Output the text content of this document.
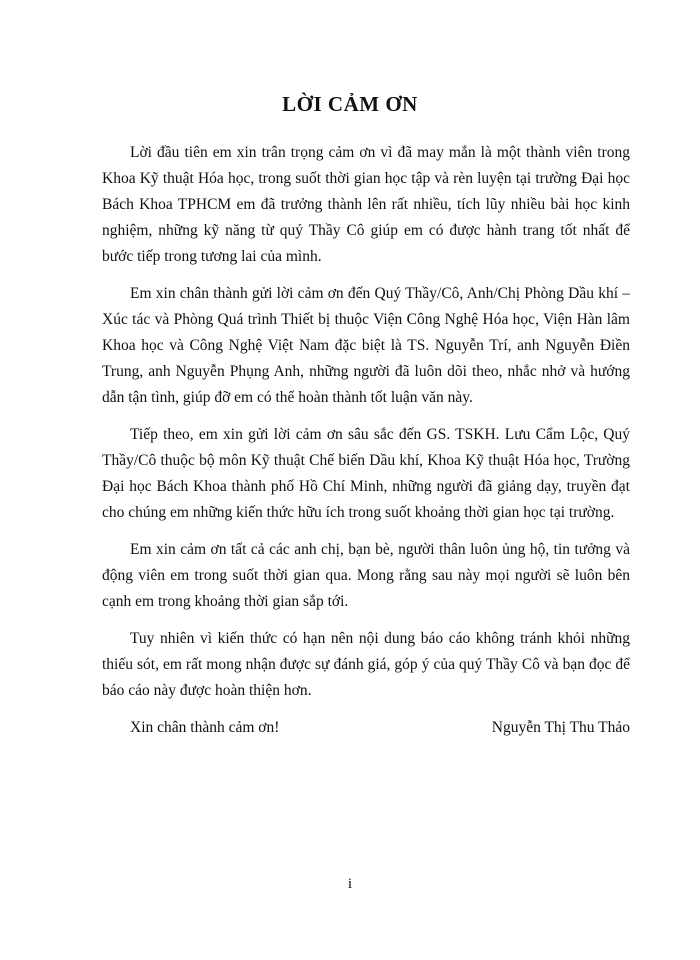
LỜI CẢM ƠN

Lời đầu tiên em xin trân trọng cảm ơn vì đã may mắn là một thành viên trong Khoa Kỹ thuật Hóa học, trong suốt thời gian học tập và rèn luyện tại trường Đại học Bách Khoa TPHCM em đã trưởng thành lên rất nhiều, tích lũy nhiều bài học kinh nghiệm, những kỹ năng từ quý Thầy Cô giúp em có được hành trang tốt nhất để bước tiếp trong tương lai của mình.

Em xin chân thành gửi lời cảm ơn đến Quý Thầy/Cô, Anh/Chị Phòng Dầu khí – Xúc tác và Phòng Quá trình Thiết bị thuộc Viện Công Nghệ Hóa học, Viện Hàn lâm Khoa học và Công Nghệ Việt Nam đặc biệt là TS. Nguyễn Trí, anh Nguyễn Điền Trung, anh Nguyễn Phụng Anh, những người đã luôn dõi theo, nhắc nhở và hướng dẫn tận tình, giúp đỡ em có thể hoàn thành tốt luận văn này.

Tiếp theo, em xin gửi lời cảm ơn sâu sắc đến GS. TSKH. Lưu Cẩm Lộc, Quý Thầy/Cô thuộc bộ môn Kỹ thuật Chế biến Dầu khí, Khoa Kỹ thuật Hóa học, Trường Đại học Bách Khoa thành phố Hồ Chí Minh, những người đã giảng dạy, truyền đạt cho chúng em những kiến thức hữu ích trong suốt khoảng thời gian học tại trường.

Em xin cảm ơn tất cả các anh chị, bạn bè, người thân luôn ủng hộ, tin tưởng và động viên em trong suốt thời gian qua. Mong rằng sau này mọi người sẽ luôn bên cạnh em trong khoảng thời gian sắp tới.

Tuy nhiên vì kiến thức có hạn nên nội dung báo cáo không tránh khỏi những thiếu sót, em rất mong nhận được sự đánh giá, góp ý của quý Thầy Cô và bạn đọc để báo cáo này được hoàn thiện hơn.

Xin chân thành cảm ơn!	Nguyễn Thị Thu Thảo
i
